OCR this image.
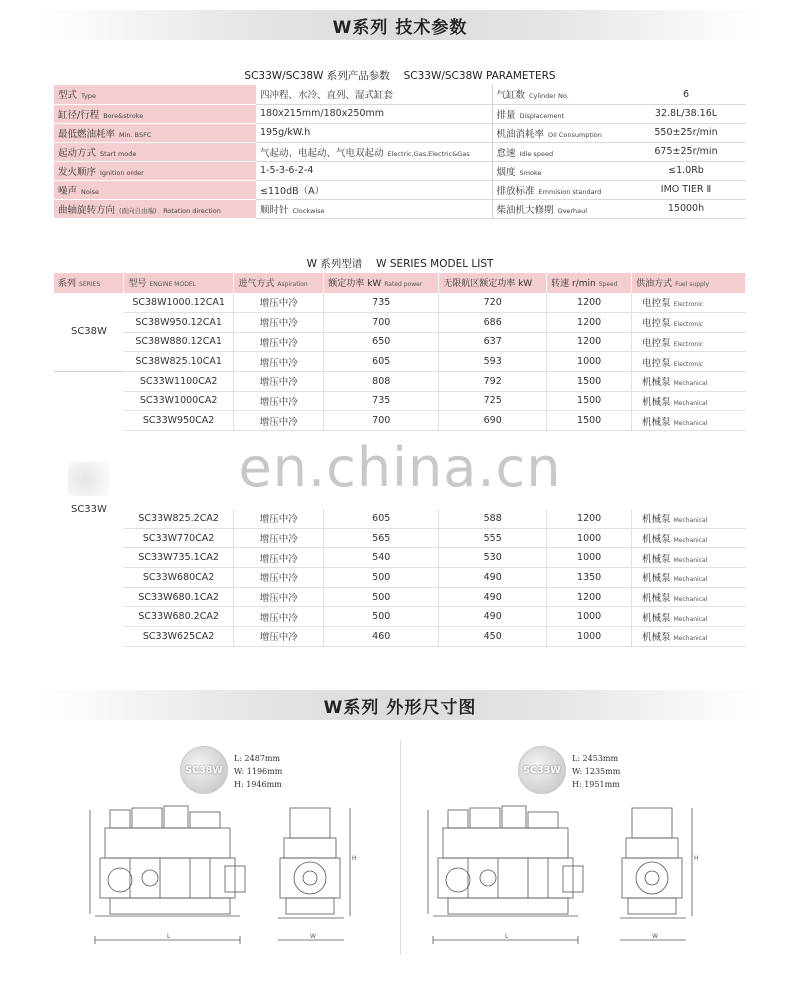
W系列 技术参数
SC33W/SC38W 系列产品参数　 SC33W/SC38W PARAMETERS
型式 Type	四冲程、水冷、直列、湿式缸套	气缸数 Cylinder No.	6
缸径/行程 Bore&stroke	180x215mm/180x250mm	排量 Displacement	32.8L/38.16L
最低燃油耗率 Min. BSFC	195g/kW.h	机油消耗率 Oil Consumption	550±25r/min
起动方式 Start mode	气起动、电起动、气电双起动 Electric,Gas,Electric&Gas	怠速 Idle speed	675±25r/min
发火顺序 Ignition order	1-5-3-6-2-4	烟度 Smoke	≤1.0Rb
噪声 Noise	≤110dB（A）	排放标准 Emmision standard	IMO TIER Ⅱ
曲轴旋转方向 (面向自由端)　Rotation direction	顺时针 Clockwise	柴油机大修期 Overhaul	15000h
W 系列型谱　 W SERIES MODEL LIST
系列 SERIES	型号 ENGINE MODEL	进气方式 Aspiration	额定功率 kW Rated power	无限航区额定功率 kW	转速 r/min Speed	供油方式 Fuel supply
SC38W	SC38W1000.12CA1	增压中冷	735	720	1200	电控泵 Electronic
	SC38W950.12CA1	增压中冷	700	686	1200	电控泵 Electronic
	SC38W880.12CA1	增压中冷	650	637	1200	电控泵 Electronic
	SC38W825.10CA1	增压中冷	605	593	1000	电控泵 Electronic
SC33W	SC33W1100CA2	增压中冷	808	792	1500	机械泵 Mechanical
	SC33W1000CA2	增压中冷	735	725	1500	机械泵 Mechanical
	SC33W950CA2	增压中冷	700	690	1500	机械泵 Mechanical

	SC33W825.2CA2	增压中冷	605	588	1200	机械泵 Mechanical
	SC33W770CA2	增压中冷	565	555	1000	机械泵 Mechanical
	SC33W735.1CA2	增压中冷	540	530	1000	机械泵 Mechanical
	SC33W680CA2	增压中冷	500	490	1350	机械泵 Mechanical
	SC33W680.1CA2	增压中冷	500	490	1200	机械泵 Mechanical
	SC33W680.2CA2	增压中冷	500	490	1000	机械泵 Mechanical
	SC33W625CA2	增压中冷	460	450	1000	机械泵 Mechanical
en.china.cn
W系列 外形尺寸图
SC38W
L: 2487mm
W: 1196mm
H: 1946mm
SC33W
L: 2453mm
W: 1235mm
H: 1951mm
L	W
H
L	W
H
